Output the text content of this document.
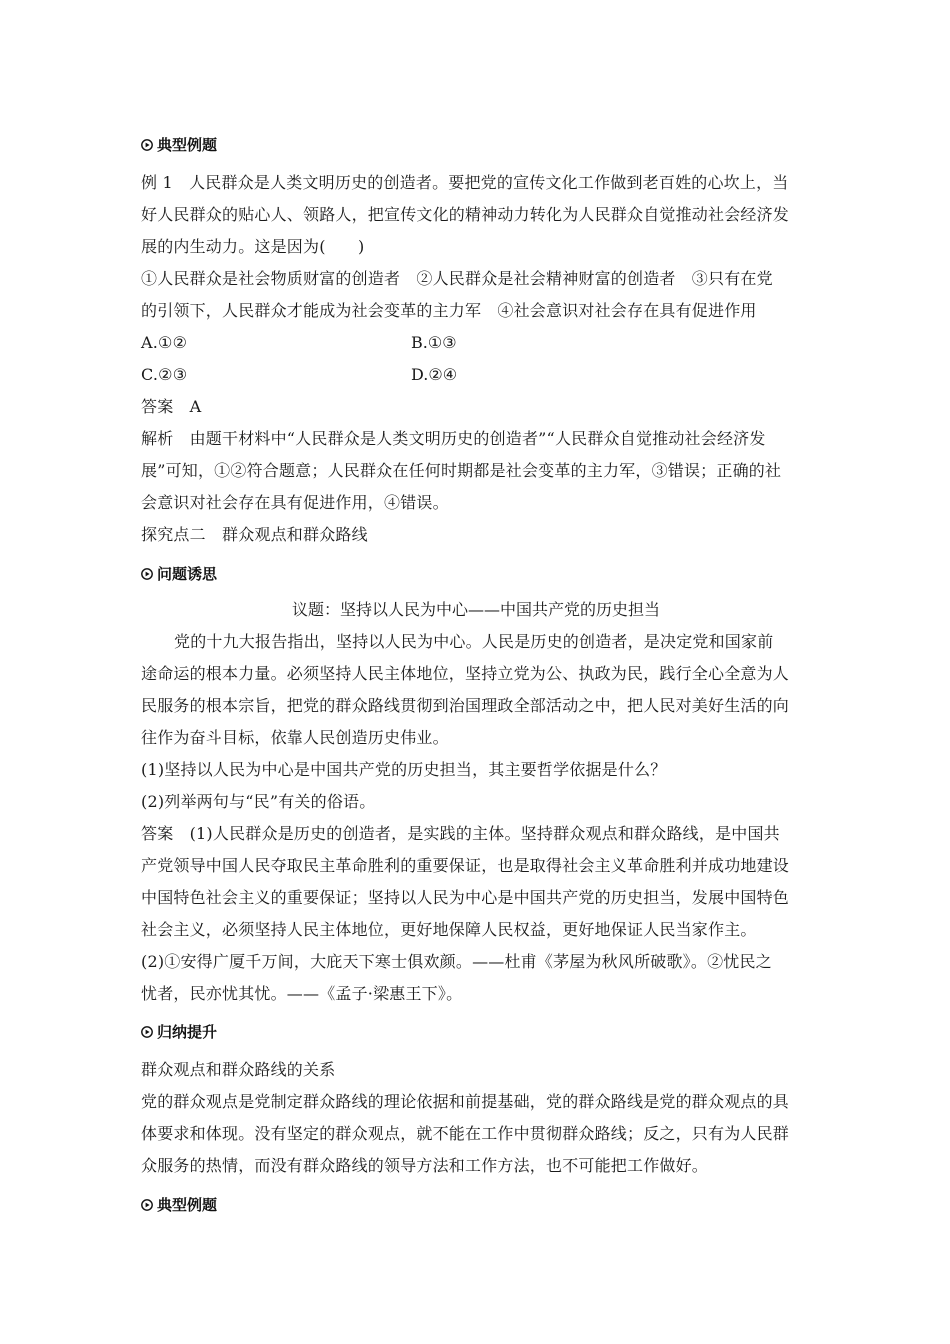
典型例题
例 1　人民群众是人类文明历史的创造者。要把党的宣传文化工作做到老百姓的心坎上，当
好人民群众的贴心人、领路人，把宣传文化的精神动力转化为人民群众自觉推动社会经济发
展的内生动力。这是因为(　　)
①人民群众是社会物质财富的创造者　②人民群众是社会精神财富的创造者　③只有在党
的引领下，人民群众才能成为社会变革的主力军　④社会意识对社会存在具有促进作用
A.①②	B.①③
C.②③	D.②④
答案　A
解析　由题干材料中“人民群众是人类文明历史的创造者”“人民群众自觉推动社会经济发
展”可知，①②符合题意；人民群众在任何时期都是社会变革的主力军，③错误；正确的社
会意识对社会存在具有促进作用，④错误。
探究点二　群众观点和群众路线
问题诱思
议题：坚持以人民为中心——中国共产党的历史担当
党的十九大报告指出，坚持以人民为中心。人民是历史的创造者，是决定党和国家前
途命运的根本力量。必须坚持人民主体地位，坚持立党为公、执政为民，践行全心全意为人
民服务的根本宗旨，把党的群众路线贯彻到治国理政全部活动之中，把人民对美好生活的向
往作为奋斗目标，依靠人民创造历史伟业。
(1)坚持以人民为中心是中国共产党的历史担当，其主要哲学依据是什么？
(2)列举两句与“民”有关的俗语。
答案　(1)人民群众是历史的创造者，是实践的主体。坚持群众观点和群众路线，是中国共
产党领导中国人民夺取民主革命胜利的重要保证，也是取得社会主义革命胜利并成功地建设
中国特色社会主义的重要保证；坚持以人民为中心是中国共产党的历史担当，发展中国特色
社会主义，必须坚持人民主体地位，更好地保障人民权益，更好地保证人民当家作主。
(2)①安得广厦千万间，大庇天下寒士俱欢颜。——杜甫《茅屋为秋风所破歌》。②忧民之
忧者，民亦忧其忧。——《孟子·梁惠王下》。
归纳提升
群众观点和群众路线的关系
党的群众观点是党制定群众路线的理论依据和前提基础，党的群众路线是党的群众观点的具
体要求和体现。没有坚定的群众观点，就不能在工作中贯彻群众路线；反之，只有为人民群
众服务的热情，而没有群众路线的领导方法和工作方法，也不可能把工作做好。
典型例题
